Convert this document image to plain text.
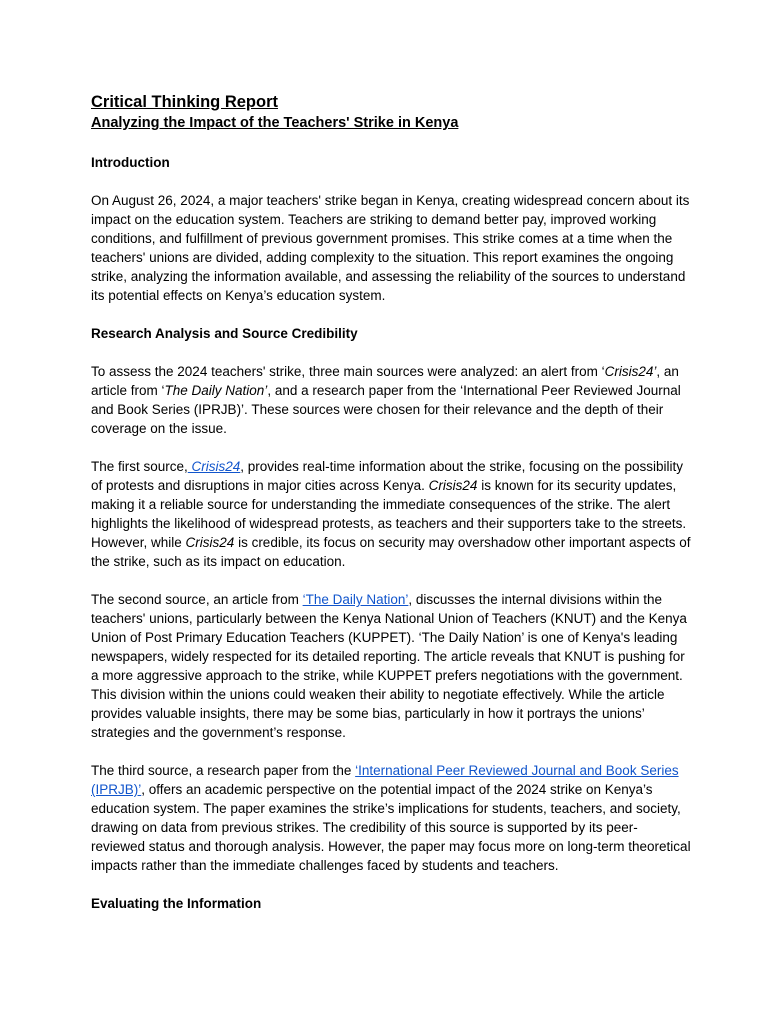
Critical Thinking Report
Analyzing the Impact of the Teachers' Strike in Kenya
Introduction

On August 26, 2024, a major teachers' strike began in Kenya, creating widespread concern about its impact on the education system. Teachers are striking to demand better pay, improved working conditions, and fulfillment of previous government promises. This strike comes at a time when the teachers' unions are divided, adding complexity to the situation. This report examines the ongoing strike, analyzing the information available, and assessing the reliability of the sources to understand its potential effects on Kenya’s education system.

Research Analysis and Source Credibility

To assess the 2024 teachers' strike, three main sources were analyzed: an alert from ‘Crisis24’, an article from ‘The Daily Nation’, and a research paper from the ‘International Peer Reviewed Journal and Book Series (IPRJB)’. These sources were chosen for their relevance and the depth of their coverage on the issue.

The first source, Crisis24, provides real-time information about the strike, focusing on the possibility of protests and disruptions in major cities across Kenya. Crisis24 is known for its security updates, making it a reliable source for understanding the immediate consequences of the strike. The alert highlights the likelihood of widespread protests, as teachers and their supporters take to the streets. However, while Crisis24 is credible, its focus on security may overshadow other important aspects of the strike, such as its impact on education.

The second source, an article from ‘The Daily Nation’, discusses the internal divisions within the teachers' unions, particularly between the Kenya National Union of Teachers (KNUT) and the Kenya Union of Post Primary Education Teachers (KUPPET). ‘The Daily Nation’ is one of Kenya's leading newspapers, widely respected for its detailed reporting. The article reveals that KNUT is pushing for a more aggressive approach to the strike, while KUPPET prefers negotiations with the government. This division within the unions could weaken their ability to negotiate effectively. While the article provides valuable insights, there may be some bias, particularly in how it portrays the unions’ strategies and the government’s response.

The third source, a research paper from the ‘International Peer Reviewed Journal and Book Series (IPRJB)’, offers an academic perspective on the potential impact of the 2024 strike on Kenya’s education system. The paper examines the strike’s implications for students, teachers, and society, drawing on data from previous strikes. The credibility of this source is supported by its peer-reviewed status and thorough analysis. However, the paper may focus more on long-term theoretical impacts rather than the immediate challenges faced by students and teachers.

Evaluating the Information
